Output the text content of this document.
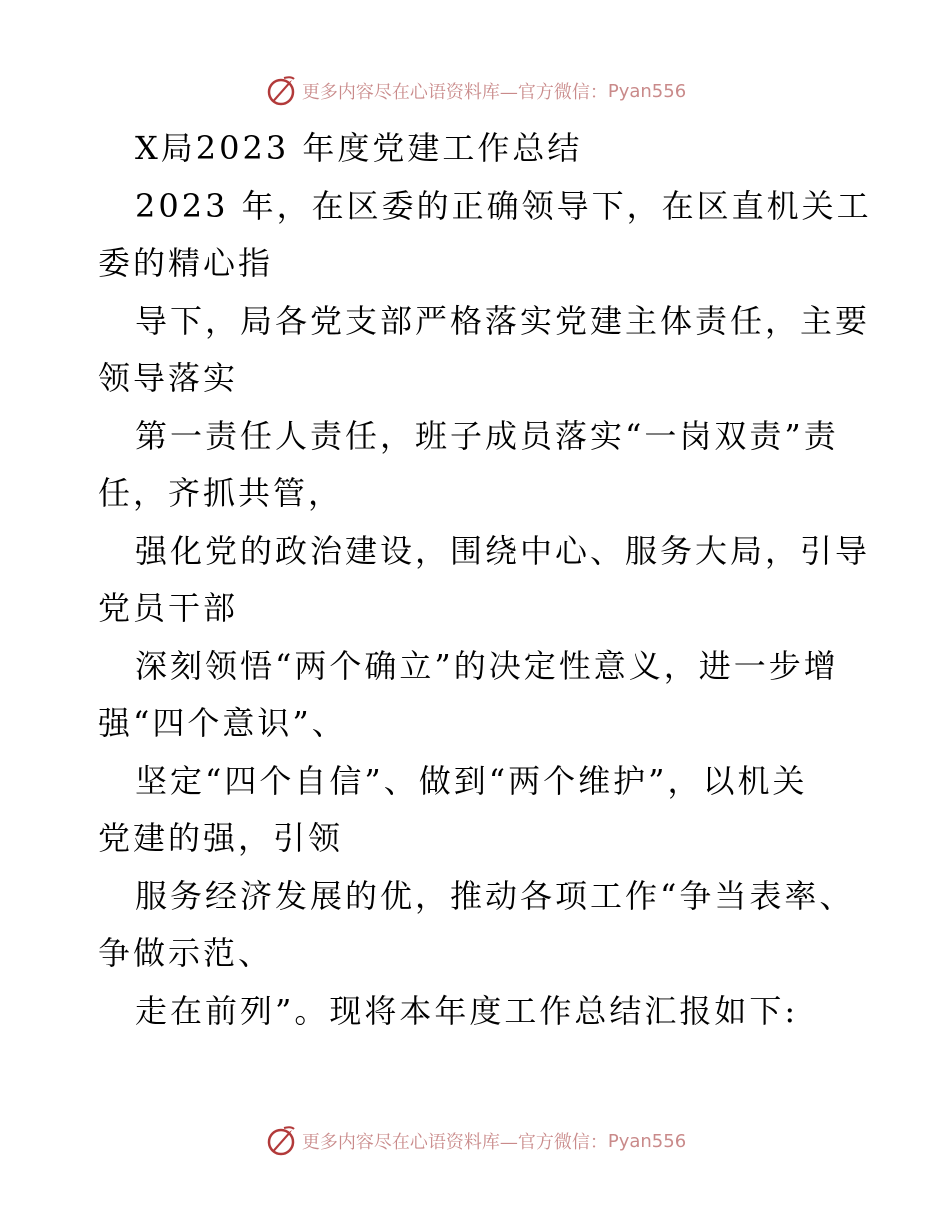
更多内容尽在心语资料库—官方微信： Pyan556
X局2023 年度党建工作总结
2023 年，在区委的正确领导下，在区直机关工
委的精心指
导下，局各党支部严格落实党建主体责任，主要
领导落实
第一责任人责任，班子成员落实“一岗双责”责
任，齐抓共管，
强化党的政治建设，围绕中心、服务大局，引导
党员干部
深刻领悟“两个确立”的决定性意义，进一步增
强“四个意识”、
坚定“四个自信”、做到“两个维护”，以机关
党建的强，引领
服务经济发展的优，推动各项工作“争当表率、
争做示范、
走在前列”。现将本年度工作总结汇报如下:
更多内容尽在心语资料库—官方微信： Pyan556
